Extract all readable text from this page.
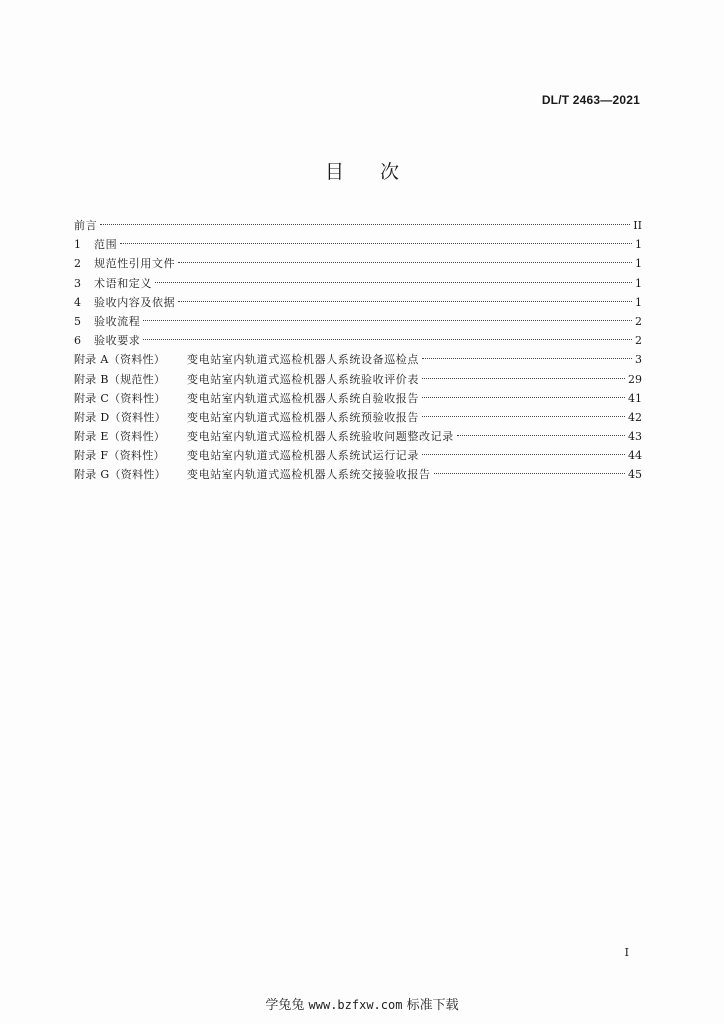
DL/T 2463—2021
目 次
前言	II
1	范围	1
2	规范性引用文件	1
3	术语和定义	1
4	验收内容及依据	1
5	验收流程	2
6	验收要求	2
附录 A（资料性）	变电站室内轨道式巡检机器人系统设备巡检点	3
附录 B（规范性）	变电站室内轨道式巡检机器人系统验收评价表	29
附录 C（资料性）	变电站室内轨道式巡检机器人系统自验收报告	41
附录 D（资料性）	变电站室内轨道式巡检机器人系统预验收报告	42
附录 E（资料性）	变电站室内轨道式巡检机器人系统验收问题整改记录	43
附录 F（资料性）	变电站室内轨道式巡检机器人系统试运行记录	44
附录 G（资料性）	变电站室内轨道式巡检机器人系统交接验收报告	45
I
学兔兔 www.bzfxw.com 标准下载
